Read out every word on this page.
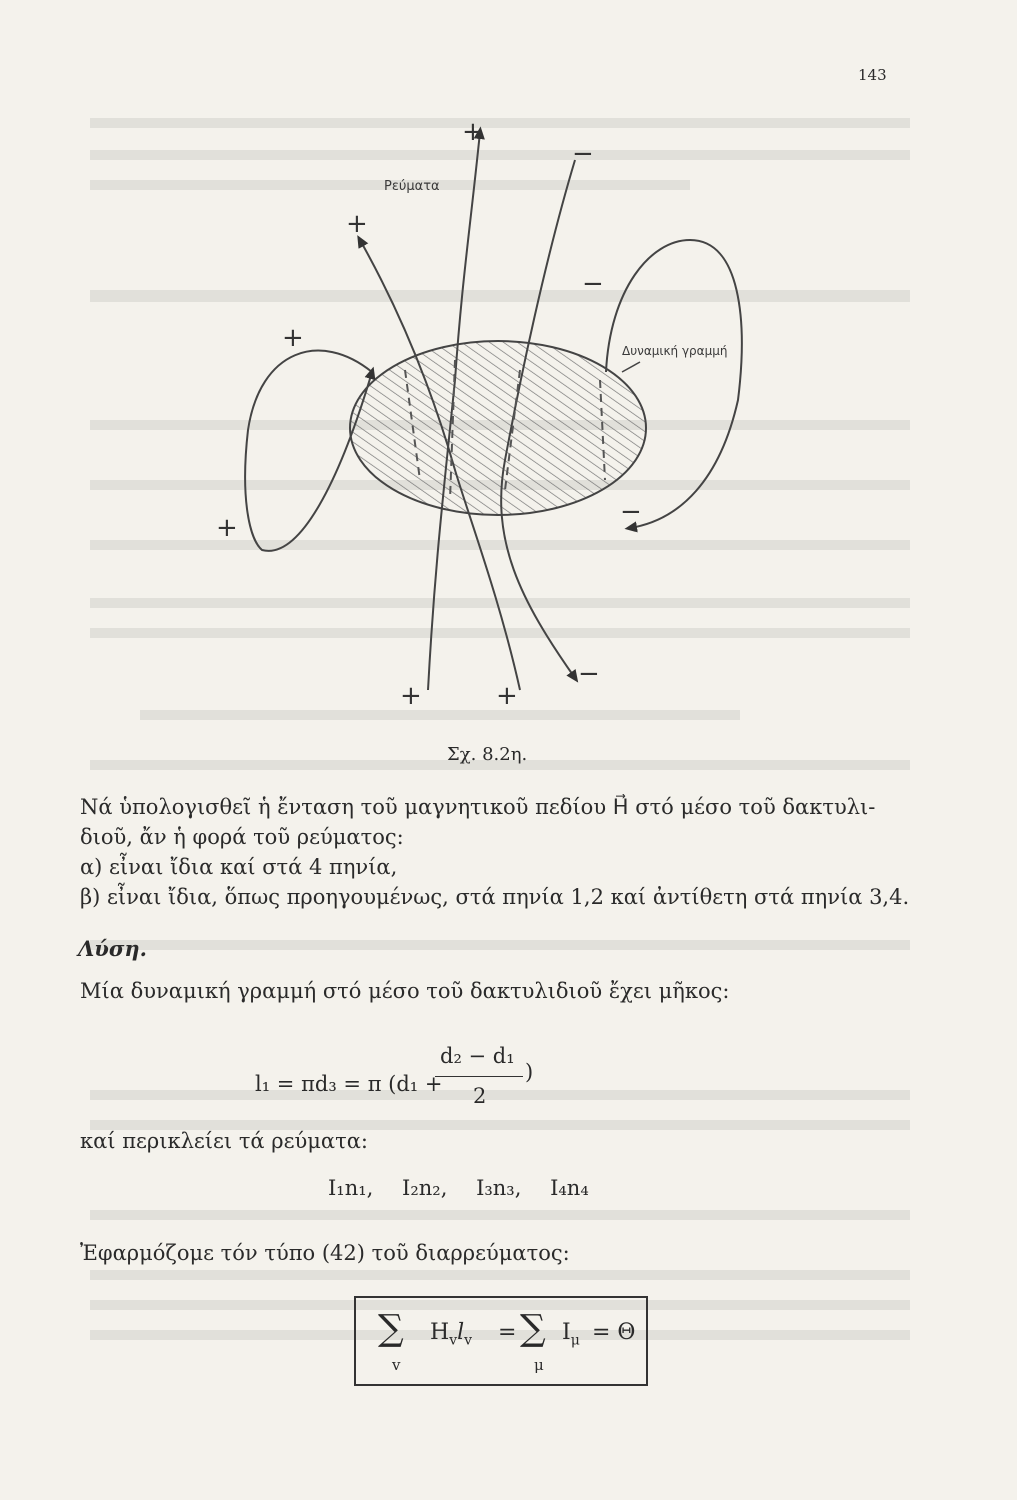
143
Ρεύματα
Δυναμική γραμμή
+
−
+
−
+
+
−
−
+	+
Σχ. 8.2η.
Νά ὑπολογισθεῖ ἡ ἔνταση τοῦ μαγνητικοῦ πεδίου H⃗ στό μέσο τοῦ δακτυλι-
διοῦ, ἄν ἡ φορά τοῦ ρεύματος:
α) εἶναι ἴδια καί στά 4 πηνία,
β) εἶναι ἴδια, ὅπως προηγουμένως, στά πηνία 1,2 καί ἀντίθετη στά πηνία 3,4.
Λύση.
Μία δυναμική γραμμή στό μέσο τοῦ δακτυλιδιοῦ ἔχει μῆκος:
l₁ = πd₃ = π (d₁ +
d₂ − d₁
2
)
καί περικλείει τά ρεύματα:
I₁n₁, I₂n₂, I₃n₃, I₄n₄
Ἐφαρμόζομε τόν τύπο (42) τοῦ διαρρεύματος:
∑
v
$H_vl_v$ = ∑
μ
$I_\mu = \Theta$
